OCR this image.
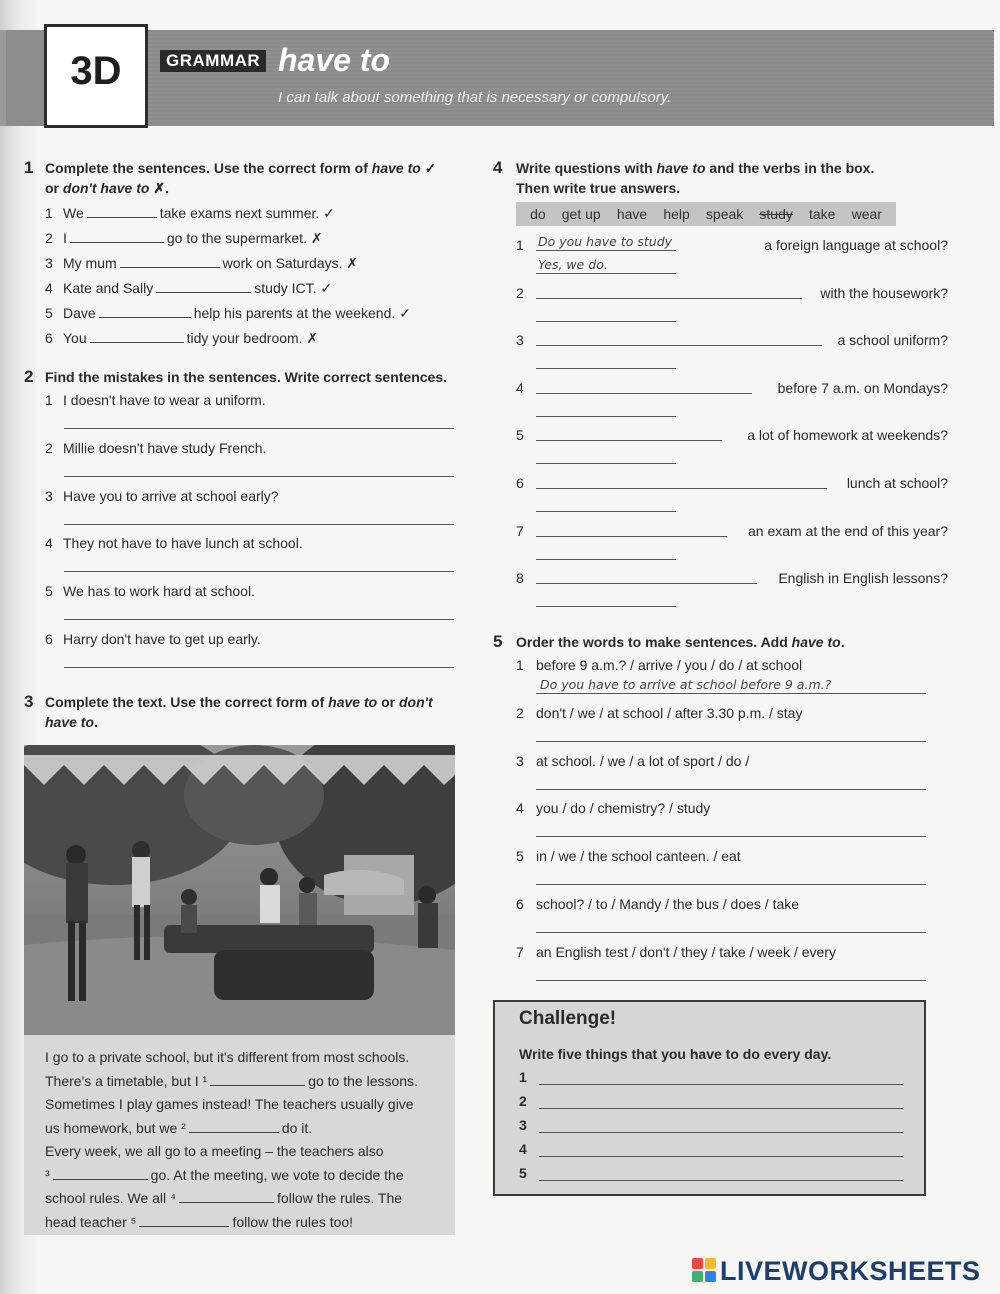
3D	GRAMMAR have to
I can talk about something that is necessary or compulsory.
1 Complete the sentences. Use the correct form of have to ✓
or don't have to ✗.
2 Find the mistakes in the sentences. Write correct sentences.
3 Complete the text. Use the correct form of have to or don't
have to.
4 Write questions with have to and the verbs in the box.
Then write true answers.
do get up have help speak study take wear
5 Order the words to make sentences. Add have to.
Challenge!
Write five things that you have to do every day.
1
2
3
4
5
LIVEWORKSHEETS
1 We	take exams next summer. ✓
2 I	go to the supermarket. ✗
3 My mum	work on Saturdays. ✗
4 Kate and Sally	study ICT. ✓
5 Dave	help his parents at the weekend. ✓
6 You	tidy your bedroom. ✗
1 I doesn't have to wear a uniform.
2 Millie doesn't have study French.
3 Have you to arrive at school early?
4 They not have to have lunch at school.
5 We has to work hard at school.
6 Harry don't have to get up early.
I go to a private school, but it's different from most schools.
There's a timetable, but I ¹	go to the lessons.
Sometimes I play games instead! The teachers usually give
us homework, but we ²	do it.
Every week, we all go to a meeting – the teachers also
³	go. At the meeting, we vote to decide the
school rules. We all ⁴	follow the rules. The
head teacher ⁵	follow the rules too!
1	a foreign language at school?
Do you have to study
Yes, we do.
2	with the housework?
3	a school uniform?
4	before 7 a.m. on Mondays?
5	a lot of homework at weekends?
6	lunch at school?
7	an exam at the end of this year?
8	English in English lessons?
1 before 9 a.m.? / arrive / you / do / at school
Do you have to arrive at school before 9 a.m.?
2 don't / we / at school / after 3.30 p.m. / stay
3 at school. / we / a lot of sport / do /
4 you / do / chemistry? / study
5 in / we / the school canteen. / eat
6 school? / to / Mandy / the bus / does / take
7 an English test / don't / they / take / week / every
